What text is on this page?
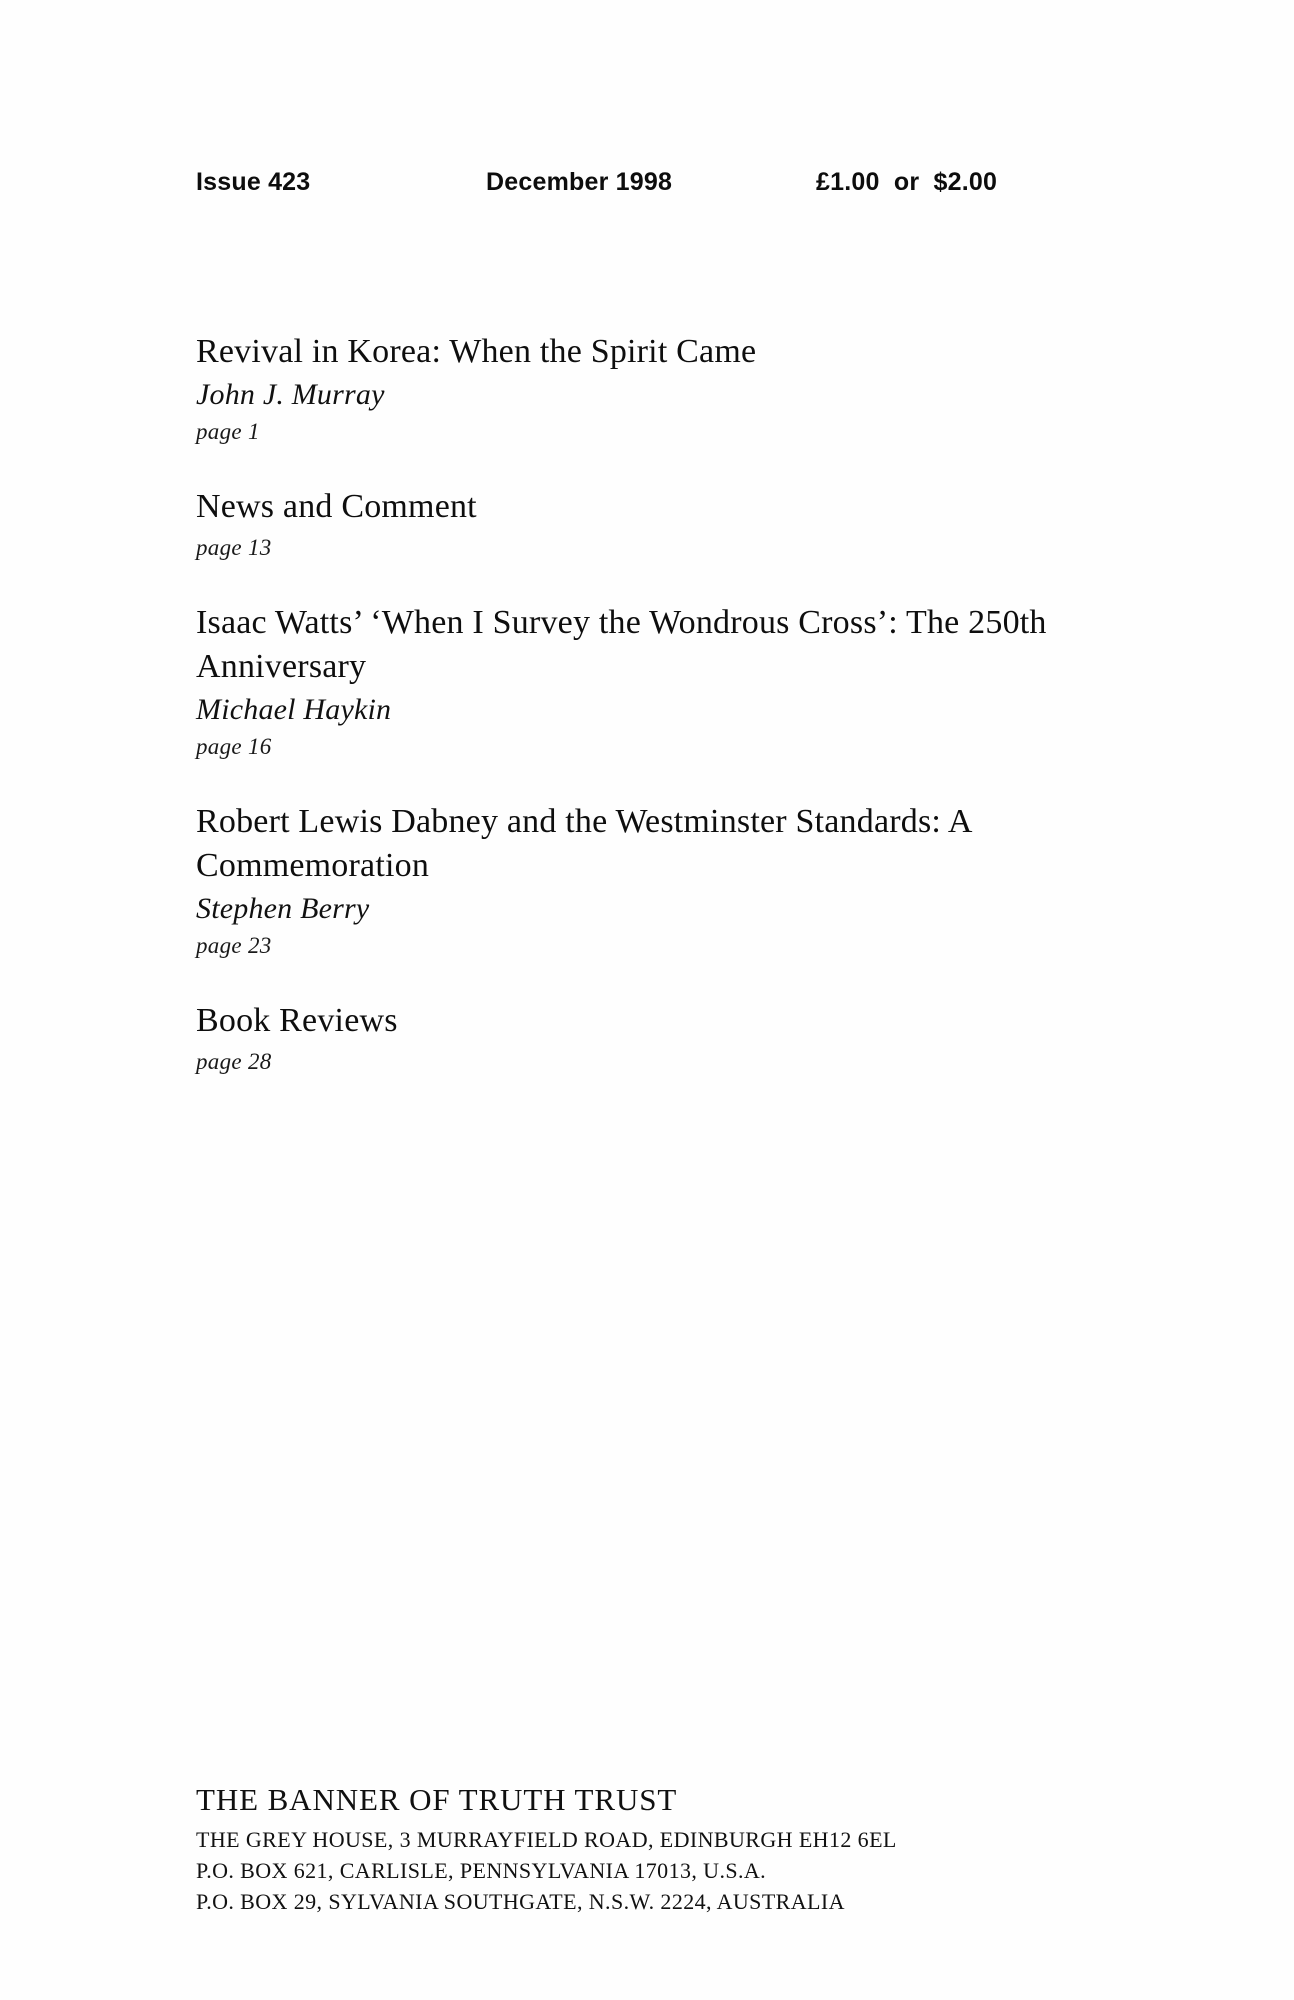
Issue 423	December 1998	£1.00  or  $2.00
Revival in Korea: When the Spirit Came
John J. Murray
page 1
News and Comment
page 13
Isaac Watts’ ‘When I Survey the Wondrous Cross’: The 250th Anniversary
Michael Haykin
page 16
Robert Lewis Dabney and the Westminster Standards: A Commemoration
Stephen Berry
page 23
Book Reviews
page 28
THE BANNER OF TRUTH TRUST
THE GREY HOUSE, 3 MURRAYFIELD ROAD, EDINBURGH EH12 6EL
P.O. BOX 621, CARLISLE, PENNSYLVANIA 17013, U.S.A.
P.O. BOX 29, SYLVANIA SOUTHGATE, N.S.W. 2224, AUSTRALIA
